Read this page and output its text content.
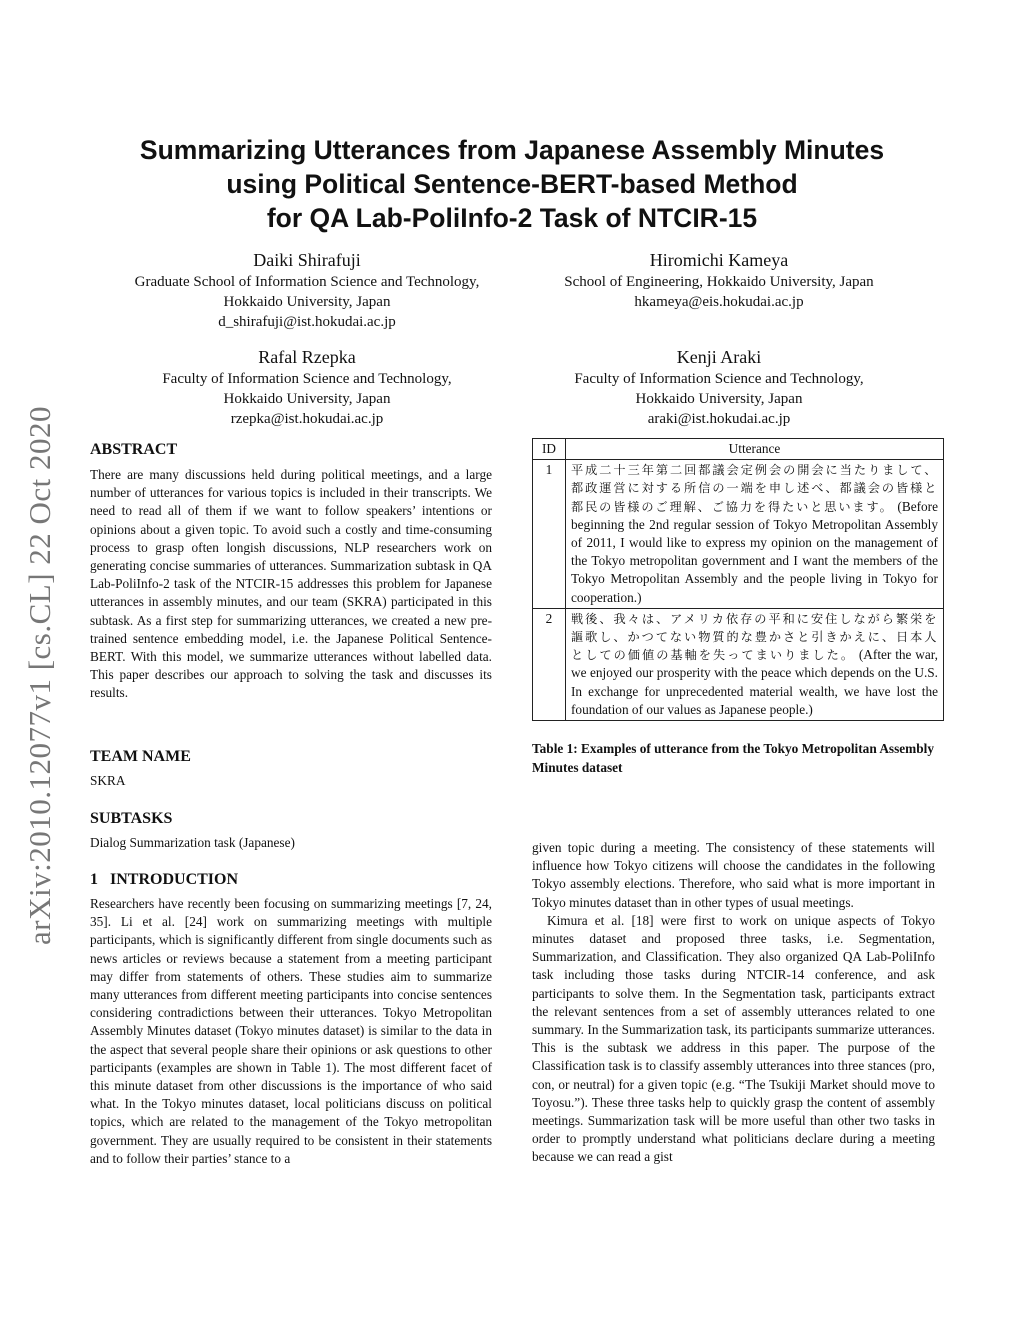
arXiv:2010.12077v1 [cs.CL] 22 Oct 2020
Summarizing Utterances from Japanese Assembly Minutes
using Political Sentence-BERT-based Method
for QA Lab-PoliInfo-2 Task of NTCIR-15
Daiki Shirafuji
Graduate School of Information Science and Technology,
Hokkaido University, Japan
d_shirafuji@ist.hokudai.ac.jp
Hiromichi Kameya
School of Engineering, Hokkaido University, Japan
hkameya@eis.hokudai.ac.jp
Rafal Rzepka
Faculty of Information Science and Technology,
Hokkaido University, Japan
rzepka@ist.hokudai.ac.jp
Kenji Araki
Faculty of Information Science and Technology,
Hokkaido University, Japan
araki@ist.hokudai.ac.jp
ABSTRACT

There are many discussions held during political meetings, and a large number of utterances for various topics is included in their transcripts. We need to read all of them if we want to follow speakers’ intentions or opinions about a given topic. To avoid such a costly and time-consuming process to grasp often longish discussions, NLP researchers work on generating concise summaries of utterances. Summarization subtask in QA Lab-PoliInfo-2 task of the NTCIR-15 addresses this problem for Japanese utterances in assembly minutes, and our team (SKRA) participated in this subtask. As a first step for summarizing utterances, we created a new pre-trained sentence embedding model, i.e. the Japanese Political Sentence-BERT. With this model, we summarize utterances without labelled data. This paper describes our approach to solving the task and discusses its results.

TEAM NAME

SKRA

SUBTASKS

Dialog Summarization task (Japanese)

1 INTRODUCTION

Researchers have recently been focusing on summarizing meetings [7, 24, 35]. Li et al. [24] work on summarizing meetings with multiple participants, which is significantly different from single documents such as news articles or reviews because a statement from a meeting participant may differ from statements of others. These studies aim to summarize many utterances from different meeting participants into concise sentences considering contradictions between their utterances. Tokyo Metropolitan Assembly Minutes dataset (Tokyo minutes dataset) is similar to the data in the aspect that several people share their opinions or ask questions to other participants (examples are shown in Table 1). The most different facet of this minute dataset from other discussions is the importance of who said what. In the Tokyo minutes dataset, local politicians discuss on political topics, which are related to the management of the Tokyo metropolitan government. They are usually required to be consistent in their statements and to follow their parties’ stance to a

ID	Utterance
1	平成二十三年第二回都議会定例会の開会に当たりまして、都政運営に対する所信の一端を申し述べ、都議会の皆様と都民の皆様のご理解、ご協力を得たいと思います。 (Before beginning the 2nd regular session of Tokyo Metropolitan Assembly of 2011, I would like to express my opinion on the management of the Tokyo metropolitan government and I want the members of the Tokyo Metropolitan Assembly and the people living in Tokyo for cooperation.)
2	戦後、我々は、アメリカ依存の平和に安住しながら繁栄を謳歌し、かつてない物質的な豊かさと引きかえに、日本人としての価値の基軸を失ってまいりました。 (After the war, we enjoyed our prosperity with the peace which depends on the U.S. In exchange for unprecedented material wealth, we have lost the foundation of our values as Japanese people.)
Table 1: Examples of utterance from the Tokyo Metropolitan Assembly Minutes dataset

given topic during a meeting. The consistency of these statements will influence how Tokyo citizens will choose the candidates in the following Tokyo assembly elections. Therefore, who said what is more important in Tokyo minutes dataset than in other types of usual meetings.

Kimura et al. [18] were first to work on unique aspects of Tokyo minutes dataset and proposed three tasks, i.e. Segmentation, Summarization, and Classification. They also organized QA Lab-PoliInfo task including those tasks during NTCIR-14 conference, and ask participants to solve them. In the Segmentation task, participants extract the relevant sentences from a set of assembly utterances related to one summary. In the Summarization task, its participants summarize utterances. This is the subtask we address in this paper. The purpose of the Classification task is to classify assembly utterances into three stances (pro, con, or neutral) for a given topic (e.g. “The Tsukiji Market should move to Toyosu.”). These three tasks help to quickly grasp the content of assembly meetings. Summarization task will be more useful than other two tasks in order to promptly understand what politicians declare during a meeting because we can read a gist
